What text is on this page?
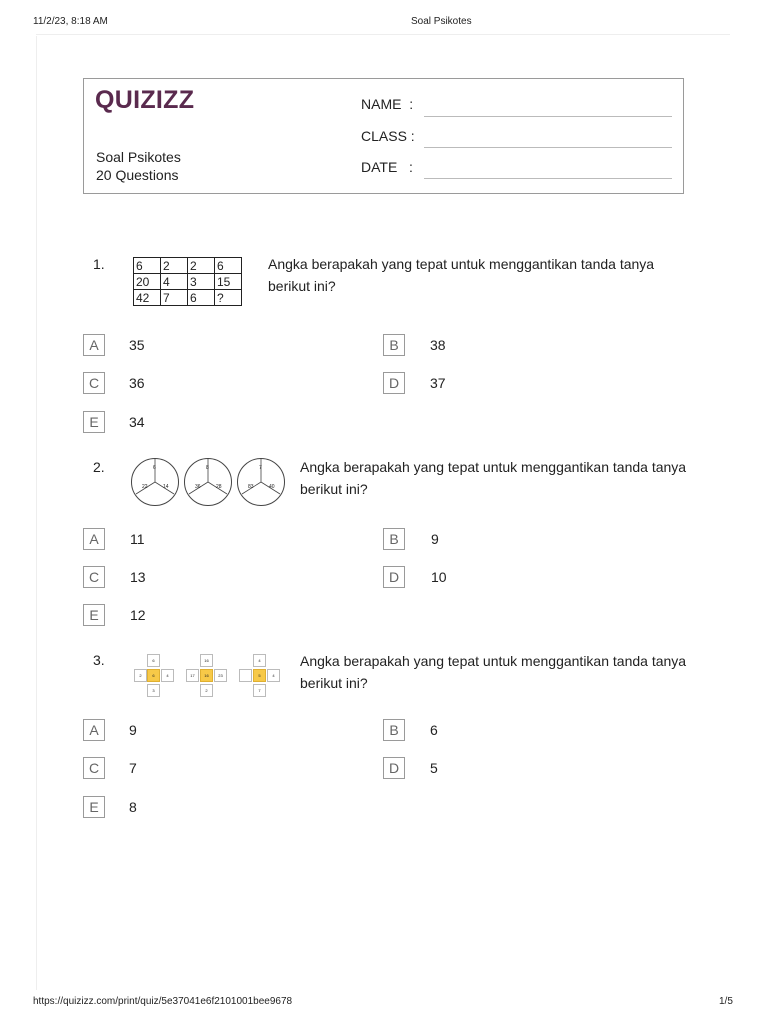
11/2/23, 8:18 AM	Soal Psikotes
https://quizizz.com/print/quiz/5e37041e6f2101001bee9678	1/5
QUIZIZZ
Soal Psikotes
20 Questions
NAME  :
CLASS :
DATE   :
1.	6	2	2	6
20	4	3	15
42	7	6	?
Angka berapakah yang tepat untuk menggantikan tanda tanya berikut ini?
A	35	B	38
C	36	D	37
E	34
2.	6
22	14
8
36	28
7
83	40
Angka berapakah yang tepat untuk menggantikan tanda tanya berikut ini?
A	11	B	9
C	13	D	10
E	12
3.	6
2	6	4
3
16
17	16	23
2
4
5	4
7
Angka berapakah yang tepat untuk menggantikan tanda tanya berikut ini?
A	9	B	6
C	7	D	5
E	8
